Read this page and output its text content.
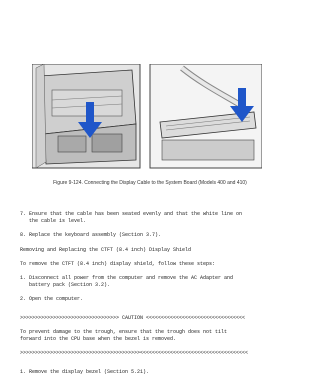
Figure 9-124. Connecting the Display Cable to the System Board (Models 400 and 410)
7. Ensure that the cable has been seated evenly and that the white line on
the cable is level.
8. Replace the keyboard assembly (Section 3.7).
Removing and Replacing the CTFT (8.4 inch) Display Shield
To remove the CTFT (8.4 inch) display shield, follow these steps:
1. Disconnect all power from the computer and remove the AC Adapter and
battery pack (Section 3.2).
2. Open the computer.
>>>>>>>>>>>>>>>>>>>>>>>>>>>>>>>>> CAUTION <<<<<<<<<<<<<<<<<<<<<<<<<<<<<<<<<
To prevent damage to the trough, ensure that the trough does not tilt
forward into the CPU base when the bezel is removed.
>>>>>>>>>>>>>>>>>>>>>>>>>>>>>>>>>>>>>>>><<<<<<<<<<<<<<<<<<<<<<<<<<<<<<<<<<<<
1. Remove the display bezel (Section 5.21).
